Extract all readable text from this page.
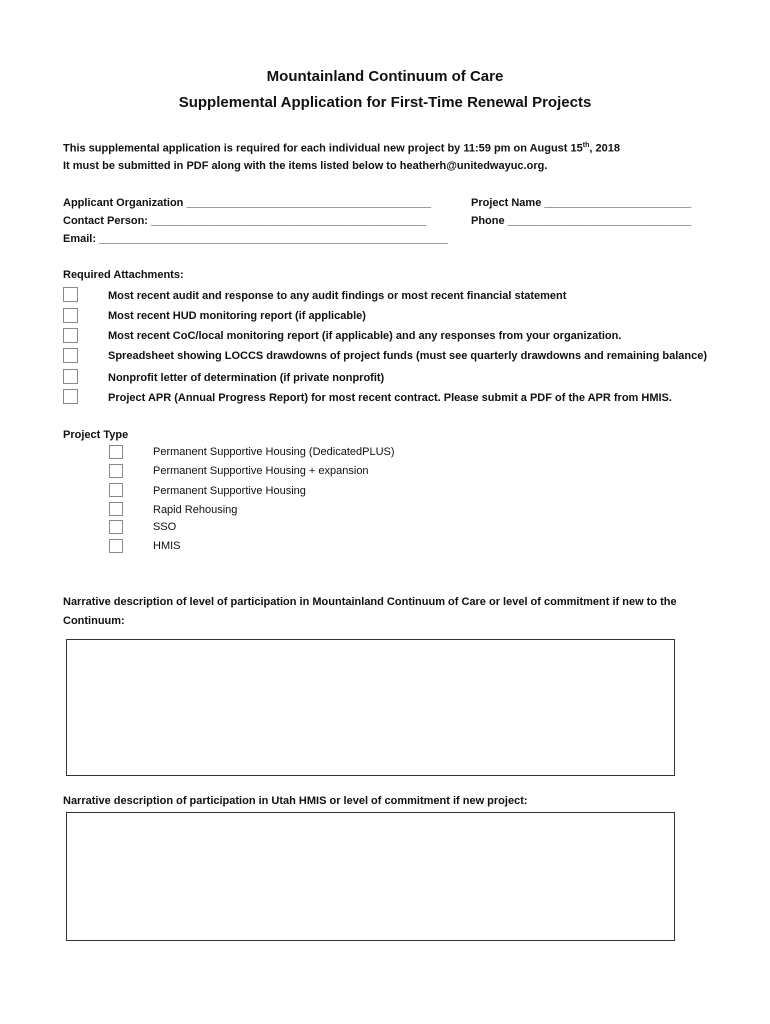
Mountainland Continuum of Care
Supplemental Application for First-Time Renewal Projects
This supplemental application is required for each individual new project by 11:59 pm on August 15th, 2018
It must be submitted in PDF along with the items listed below to heatherh@unitedwayuc.org.
Applicant Organization ________________________________________	Project Name ________________________
Contact Person: _____________________________________________	Phone ______________________________
Email: _________________________________________________________
Required Attachments:
Most recent audit and response to any audit findings or most recent financial statement
Most recent HUD monitoring report (if applicable)
Most recent CoC/local monitoring report (if applicable) and any responses from your organization.
Spreadsheet showing LOCCS drawdowns of project funds (must see quarterly drawdowns and remaining balance)
Nonprofit letter of determination (if private nonprofit)
Project APR (Annual Progress Report) for most recent contract. Please submit a PDF of the APR from HMIS.
Project Type
Permanent Supportive Housing (DedicatedPLUS)
Permanent Supportive Housing + expansion
Permanent Supportive Housing
Rapid Rehousing
SSO
HMIS
Narrative description of level of participation in Mountainland Continuum of Care or level of commitment if new to the
Continuum:
Narrative description of participation in Utah HMIS or level of commitment if new project:
